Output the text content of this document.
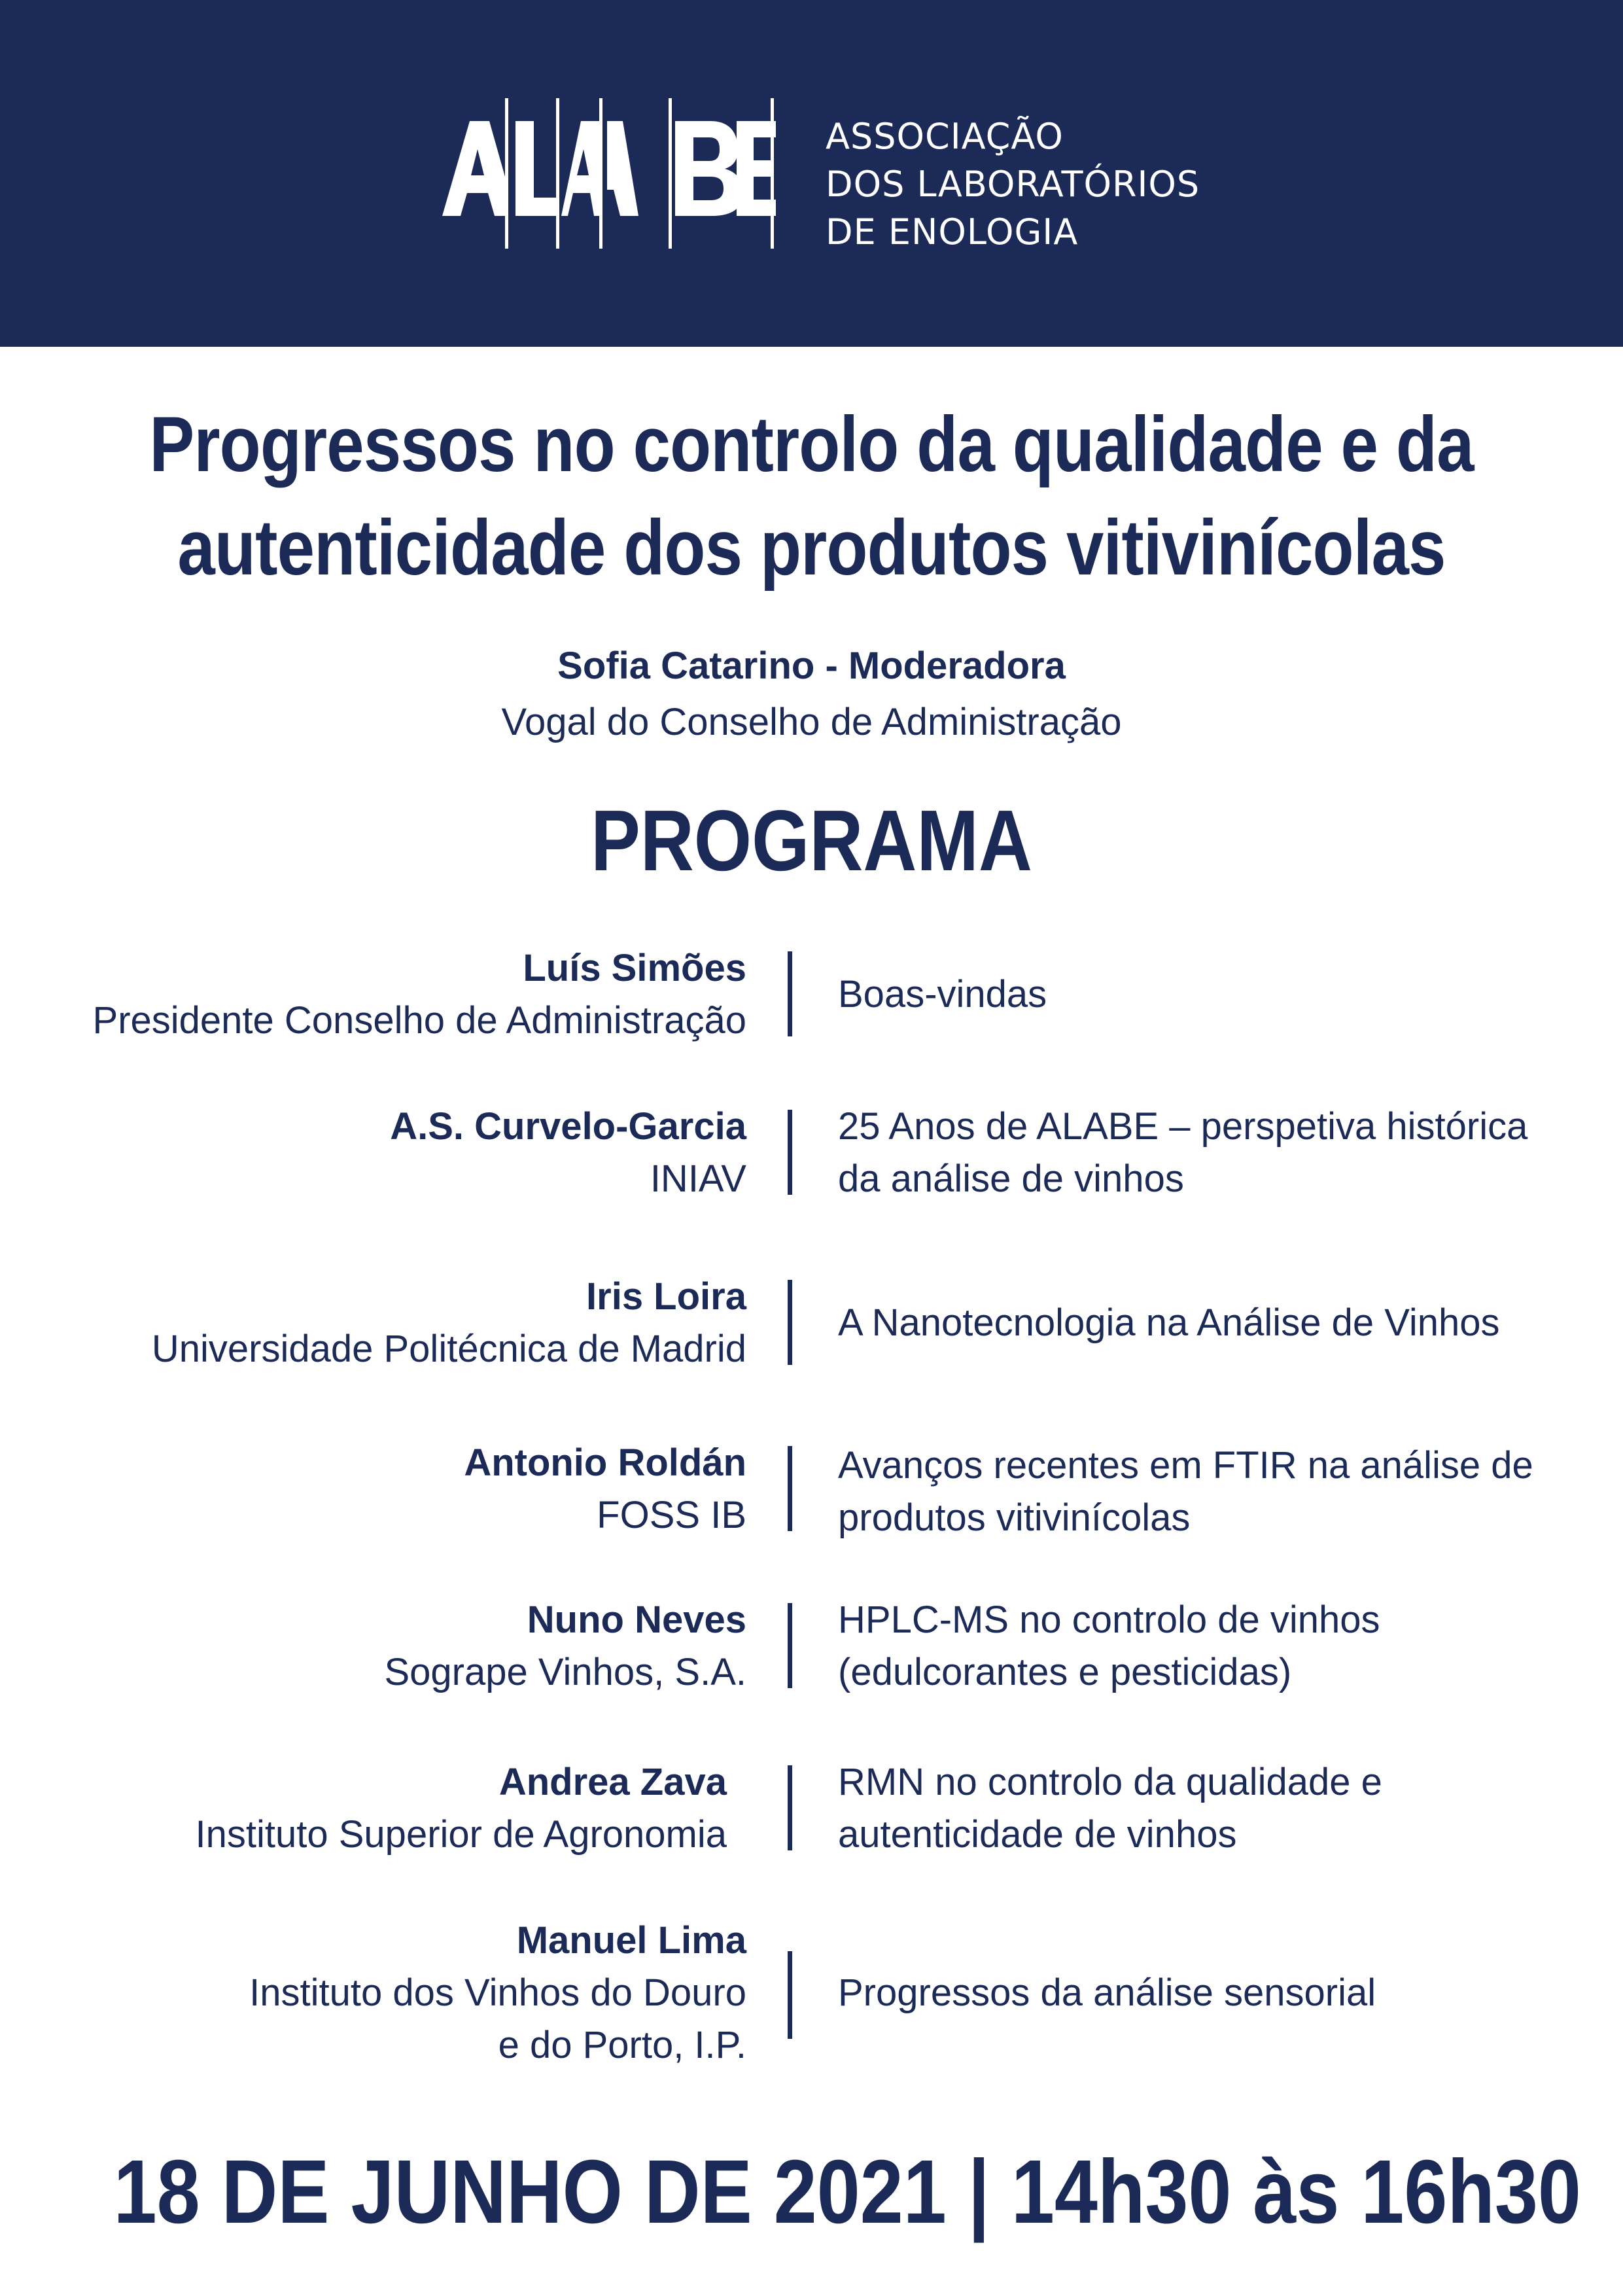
ASSOCIAÇÃO
DOS LABORATÓRIOS
DE ENOLOGIA
Progressos no controlo da qualidade e da
autenticidade dos produtos vitivinícolas
Sofia Catarino - Moderadora
Vogal do Conselho de Administração
PROGRAMA
Luís Simões
Presidente Conselho de Administração
Boas-vindas
A.S. Curvelo-Garcia
INIAV
25 Anos de ALABE – perspetiva histórica
da análise de vinhos
Iris Loira
Universidade Politécnica de Madrid
A Nanotecnologia na Análise de Vinhos
Antonio Roldán
FOSS IB
Avanços recentes em FTIR na análise de
produtos vitivinícolas
Nuno Neves
Sogrape Vinhos, S.A.
HPLC-MS no controlo de vinhos
(edulcorantes e pesticidas)
Andrea Zava
Instituto Superior de Agronomia
RMN no controlo da qualidade e
autenticidade de vinhos
Manuel Lima
Instituto dos Vinhos do Douro
e do Porto, I.P.
Progressos da análise sensorial
18 DE JUNHO DE 2021 | 14h30 às 16h30
